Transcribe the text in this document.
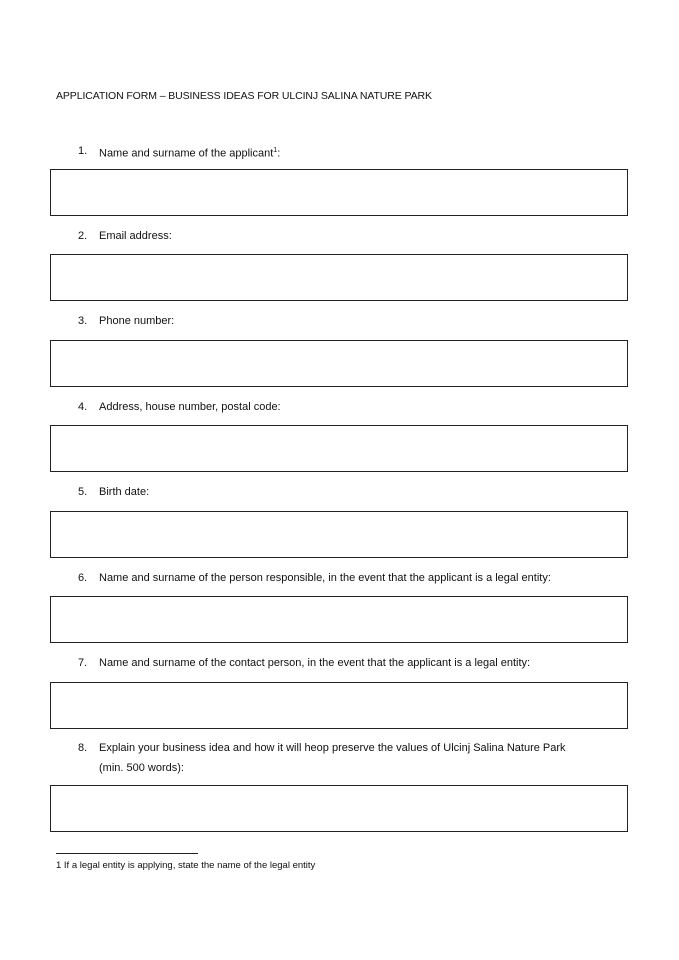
APPLICATION FORM – BUSINESS IDEAS FOR ULCINJ SALINA NATURE PARK
1. Name and surname of the applicant$^1$:
2. Email address:
3. Phone number:
4. Address, house number, postal code:
5. Birth date:
6. Name and surname of the person responsible, in the event that the applicant is a legal entity:
7. Name and surname of the contact person, in the event that the applicant is a legal entity:
8. Explain your business idea and how it will heop preserve the values of Ulcinj Salina Nature Park
(min. 500 words):
1 If a legal entity is applying, state the name of the legal entity
